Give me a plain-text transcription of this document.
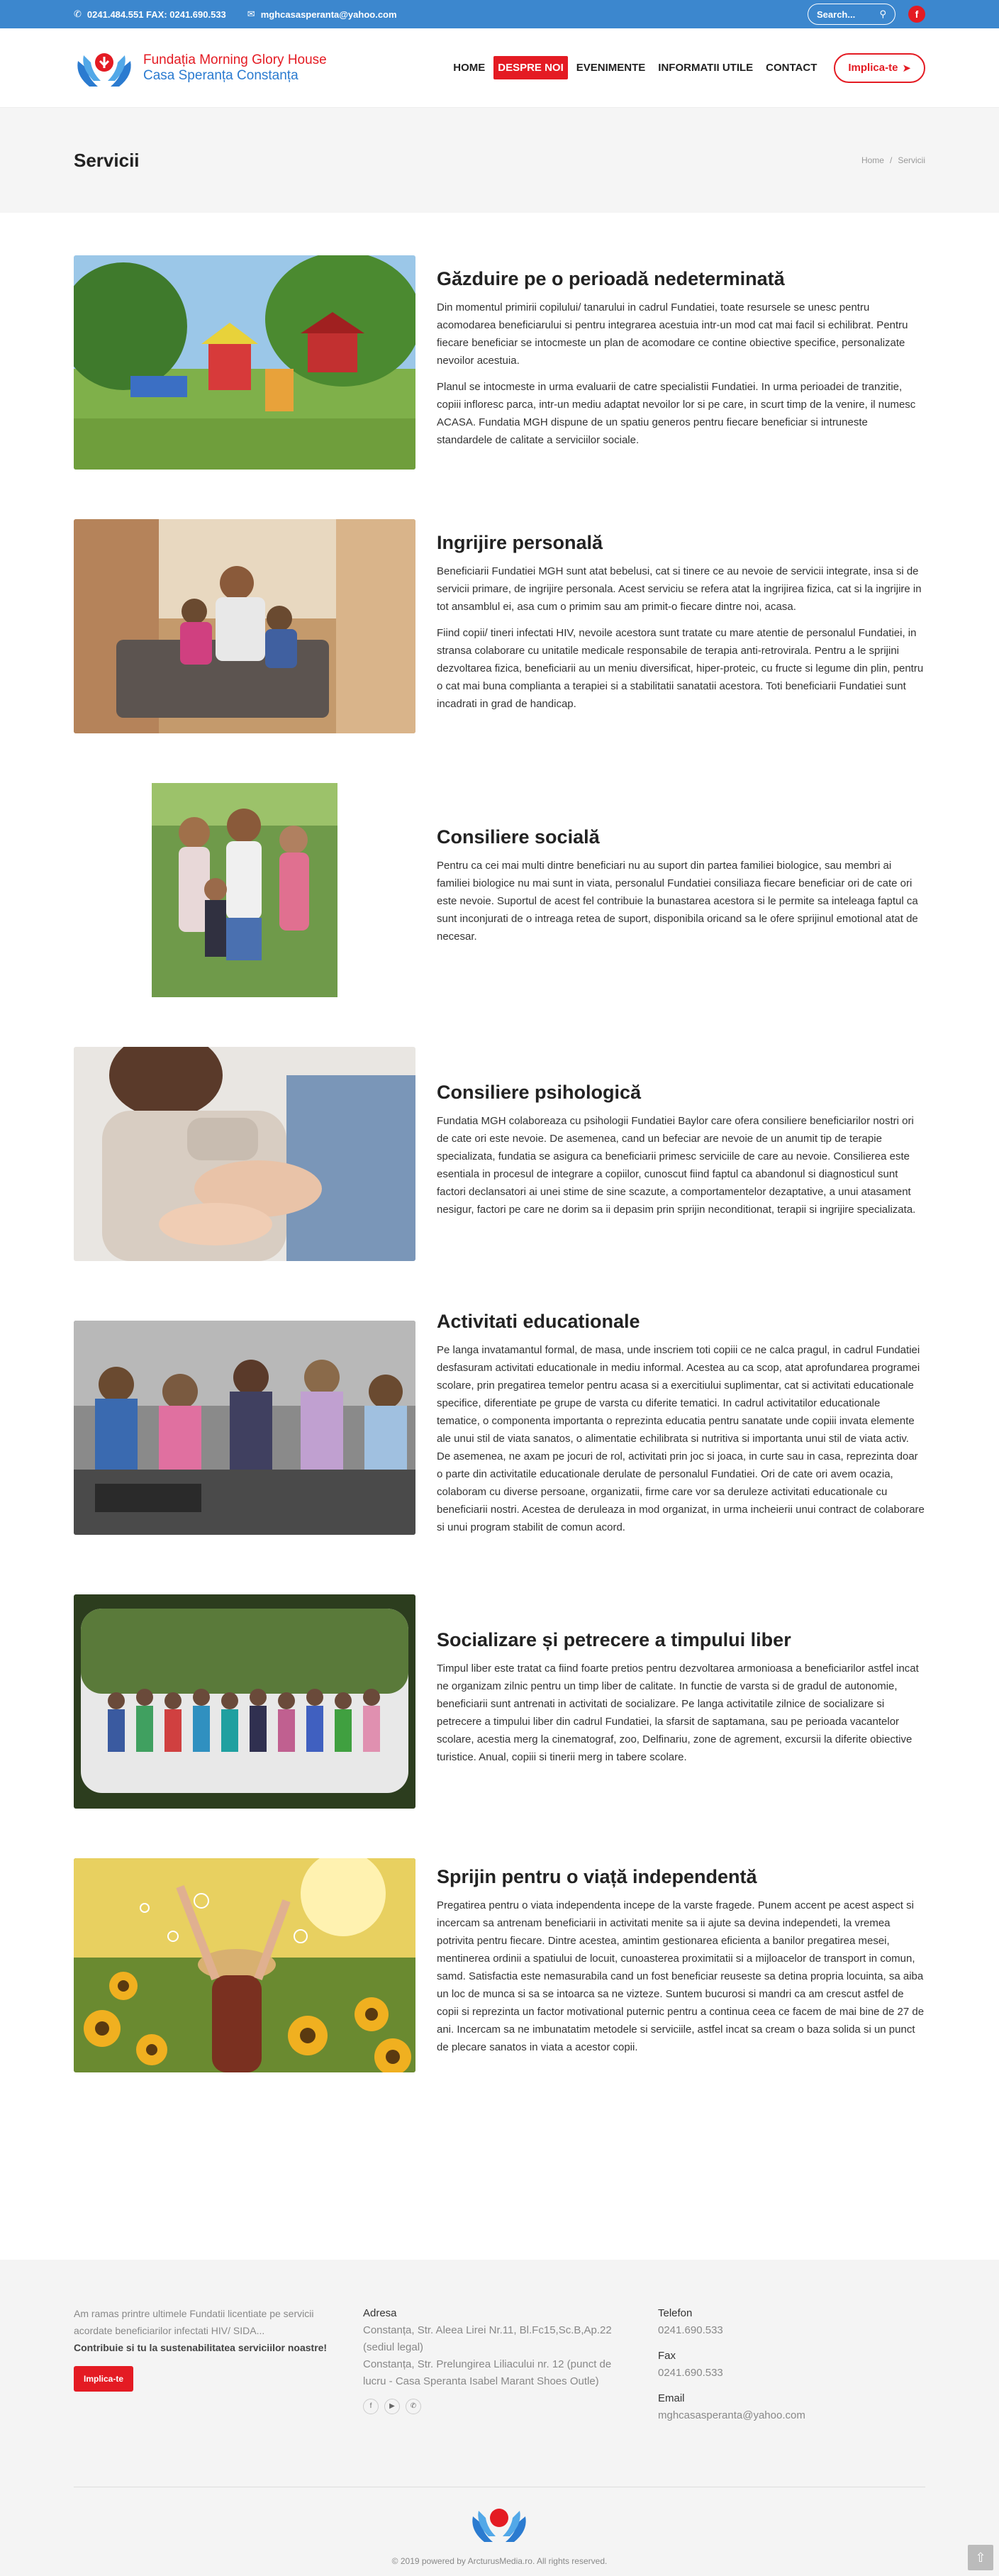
✆ 0241.484.551 FAX: 0241.690.533 ✉ mghcasasperanta@yahoo.com	Search...	⚲	f
Fundația Morning Glory House
Casa Speranța Constanța	HOME	DESPRE NOI	EVENIMENTE	INFORMATII UTILE	CONTACT	Implica-te ➤
Servicii	Home / Servicii
Găzduire pe o perioadă nedeterminată

Din momentul primirii copilului/ tanarului in cadrul Fundatiei, toate resursele se unesc pentru acomodarea beneficiarului si pentru integrarea acestuia intr-un mod cat mai facil si echilibrat. Pentru fiecare beneficiar se intocmeste un plan de acomodare ce contine obiective specifice, personalizate nevoilor acestuia.

Planul se intocmeste in urma evaluarii de catre specialistii Fundatiei. In urma perioadei de tranzitie, copiii infloresc parca, intr-un mediu adaptat nevoilor lor si pe care, in scurt timp de la venire, il numesc ACASA. Fundatia MGH dispune de un spatiu generos pentru fiecare beneficiar si intruneste standardele de calitate a serviciilor sociale.

Ingrijire personală

Beneficiarii Fundatiei MGH sunt atat bebelusi, cat si tinere ce au nevoie de servicii integrate, insa si de servicii primare, de ingrijire personala. Acest serviciu se refera atat la ingrijirea fizica, cat si la ingrijire in tot ansamblul ei, asa cum o primim sau am primit-o fiecare dintre noi, acasa.

Fiind copii/ tineri infectati HIV, nevoile acestora sunt tratate cu mare atentie de personalul Fundatiei, in stransa colaborare cu unitatile medicale responsabile de terapia anti-retrovirala. Pentru a le sprijini dezvoltarea fizica, beneficiarii au un meniu diversificat, hiper-proteic, cu fructe si legume din plin, pentru o cat mai buna complianta a terapiei si a stabilitatii sanatatii acestora. Toti beneficiarii Fundatiei sunt incadrati in grad de handicap.

Consiliere socială

Pentru ca cei mai multi dintre beneficiari nu au suport din partea familiei biologice, sau membri ai familiei biologice nu mai sunt in viata, personalul Fundatiei consiliaza fiecare beneficiar ori de cate ori este nevoie. Suportul de acest fel contribuie la bunastarea acestora si le permite sa inteleaga faptul ca sunt inconjurati de o intreaga retea de suport, disponibila oricand sa le ofere sprijinul emotional atat de necesar.

Consiliere psihologică

Fundatia MGH colaboreaza cu psihologii Fundatiei Baylor care ofera consiliere beneficiarilor nostri ori de cate ori este nevoie. De asemenea, cand un befeciar are nevoie de un anumit tip de terapie specializata, fundatia se asigura ca beneficiarii primesc serviciile de care au nevoie. Consilierea este esentiala in procesul de integrare a copiilor, cunoscut fiind faptul ca abandonul si diagnosticul sunt factori declansatori ai unei stime de sine scazute, a comportamentelor dezaptative, a unui atasament nesigur, factori pe care ne dorim sa ii depasim prin sprijin neconditionat, terapii si ingrijire specializata.

Activitati educationale

Pe langa invatamantul formal, de masa, unde inscriem toti copiii ce ne calca pragul, in cadrul Fundatiei desfasuram activitati educationale in mediu informal. Acestea au ca scop, atat aprofundarea programei scolare, prin pregatirea temelor pentru acasa si a exercitiului suplimentar, cat si activitati educationale specifice, diferentiate pe grupe de varsta cu diferite tematici. In cadrul activitatilor educationale tematice, o componenta importanta o reprezinta educatia pentru sanatate unde copiii invata elemente ale unui stil de viata sanatos, o alimentatie echilibrata si nutritiva si importanta unui stil de viata activ. De asemenea, ne axam pe jocuri de rol, activitati prin joc si joaca, in curte sau in casa, reprezinta doar o parte din activitatile educationale derulate de personalul Fundatiei. Ori de cate ori avem ocazia, colaboram cu diverse persoane, organizatii, firme care vor sa deruleze activitati educationale cu beneficiarii nostri. Acestea de deruleaza in mod organizat, in urma incheierii unui contract de colaborare si unui program stabilit de comun acord.

Socializare și petrecere a timpului liber

Timpul liber este tratat ca fiind foarte pretios pentru dezvoltarea armonioasa a beneficiarilor astfel incat ne organizam zilnic pentru un timp liber de calitate. In functie de varsta si de gradul de autonomie, beneficiarii sunt antrenati in activitati de socializare. Pe langa activitatile zilnice de socializare si petrecere a timpului liber din cadrul Fundatiei, la sfarsit de saptamana, sau pe perioada vacantelor scolare, acestia merg la cinematograf, zoo, Delfinariu, zone de agrement, excursii la diferite obiective turistice. Anual, copiii si tinerii merg in tabere scolare.

Sprijin pentru o viață independentă

Pregatirea pentru o viata independenta incepe de la varste fragede. Punem accent pe acest aspect si incercam sa antrenam beneficiarii in activitati menite sa ii ajute sa devina independeti, la vremea potrivita pentru fiecare. Dintre acestea, amintim gestionarea eficienta a banilor pregatirea mesei, mentinerea ordinii a spatiului de locuit, cunoasterea proximitatii si a mijloacelor de transport in comun, samd. Satisfactia este nemasurabila cand un fost beneficiar reuseste sa detina propria locuinta, sa aiba un loc de munca si sa se intoarca sa ne vizteze. Suntem bucurosi si mandri ca am crescut astfel de copii si reprezinta un factor motivational puternic pentru a continua ceea ce facem de mai bine de 27 de ani. Incercam sa ne imbunatatim metodele si serviciile, astfel incat sa cream o baza solida si un punct de plecare sanatos in viata a acestor copii.

Am ramas printre ultimele Fundatii licentiate pe servicii acordate beneficiarilor infectati HIV/ SIDA...
Contribuie si tu la sustenabilitatea serviciilor noastre!
Implica-te
Adresa
Constanța, Str. Aleea Lirei Nr.11, Bl.Fc15,Sc.B,Ap.22 (sediul legal)
Constanța, Str. Prelungirea Liliacului nr. 12 (punct de lucru - Casa Speranta Isabel Marant Shoes Outle)
f	▶	✆
Telefon
0241.690.533
Fax
0241.690.533
Email
mghcasasperanta@yahoo.com
© 2019 powered by ArcturusMedia.ro. All rights reserved.	⇧
